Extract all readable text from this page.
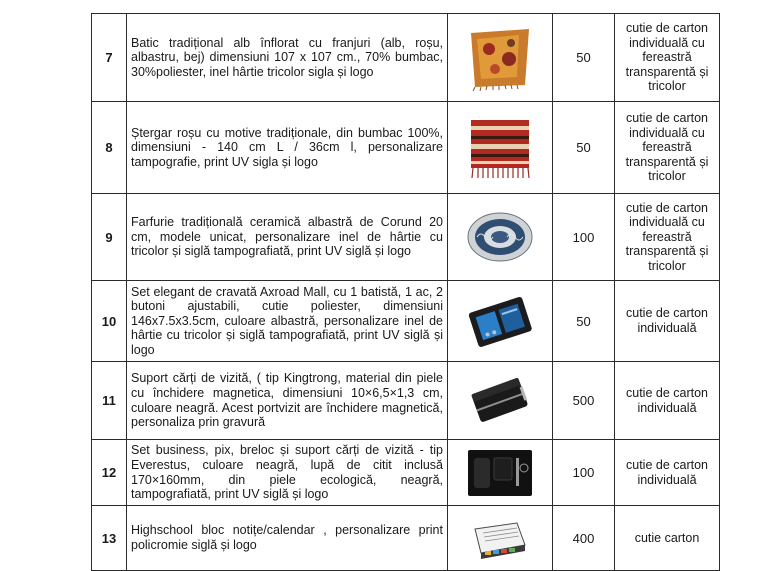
7	Batic tradițional alb înflorat cu franjuri (alb, roșu, albastru, bej) dimensiuni 107 x 107 cm., 70% bumbac, 30%poliester, inel hârtie tricolor sigla și logo		50	cutie de carton individuală cu fereastră transparentă și tricolor
8	Ștergar roșu cu motive tradiționale, din bumbac 100%, dimensiuni - 140 cm L / 36cm l, personalizare tampografie, print UV sigla și logo		50	cutie de carton individuală cu fereastră transparentă și tricolor
9	Farfurie tradițională ceramică albastră de Corund 20 cm, modele unicat, personalizare inel de hârtie cu tricolor și siglă tampografiată, print UV siglă și logo		100	cutie de carton individuală cu fereastră transparentă și tricolor
10	Set elegant de cravată Axroad Mall, cu 1 batistă, 1 ac, 2 butoni ajustabili, cutie poliester, dimensiuni 146x7.5x3.5cm, culoare albastră, personalizare inel de hârtie cu tricolor și siglă tampografiată, print UV siglă și logo		50	cutie de carton individuală
11	Suport cărți de vizită, ( tip Kingtrong, material din piele cu închidere magnetica, dimensiuni 10×6,5×1,3 cm, culoare neagră. Acest portvizit are închidere magnetică, personaliza prin gravură		500	cutie de carton individuală
12	Set business, pix, breloc și suport cărți de vizită - tip Everestus, culoare neagră, lupă de citit inclusă 170×160mm, din piele ecologică, neagră, tampografiată, print UV siglă și logo		100	cutie de carton individuală
13	Highschool bloc notițe/calendar , personalizare print policromie siglă și logo		400	cutie carton
